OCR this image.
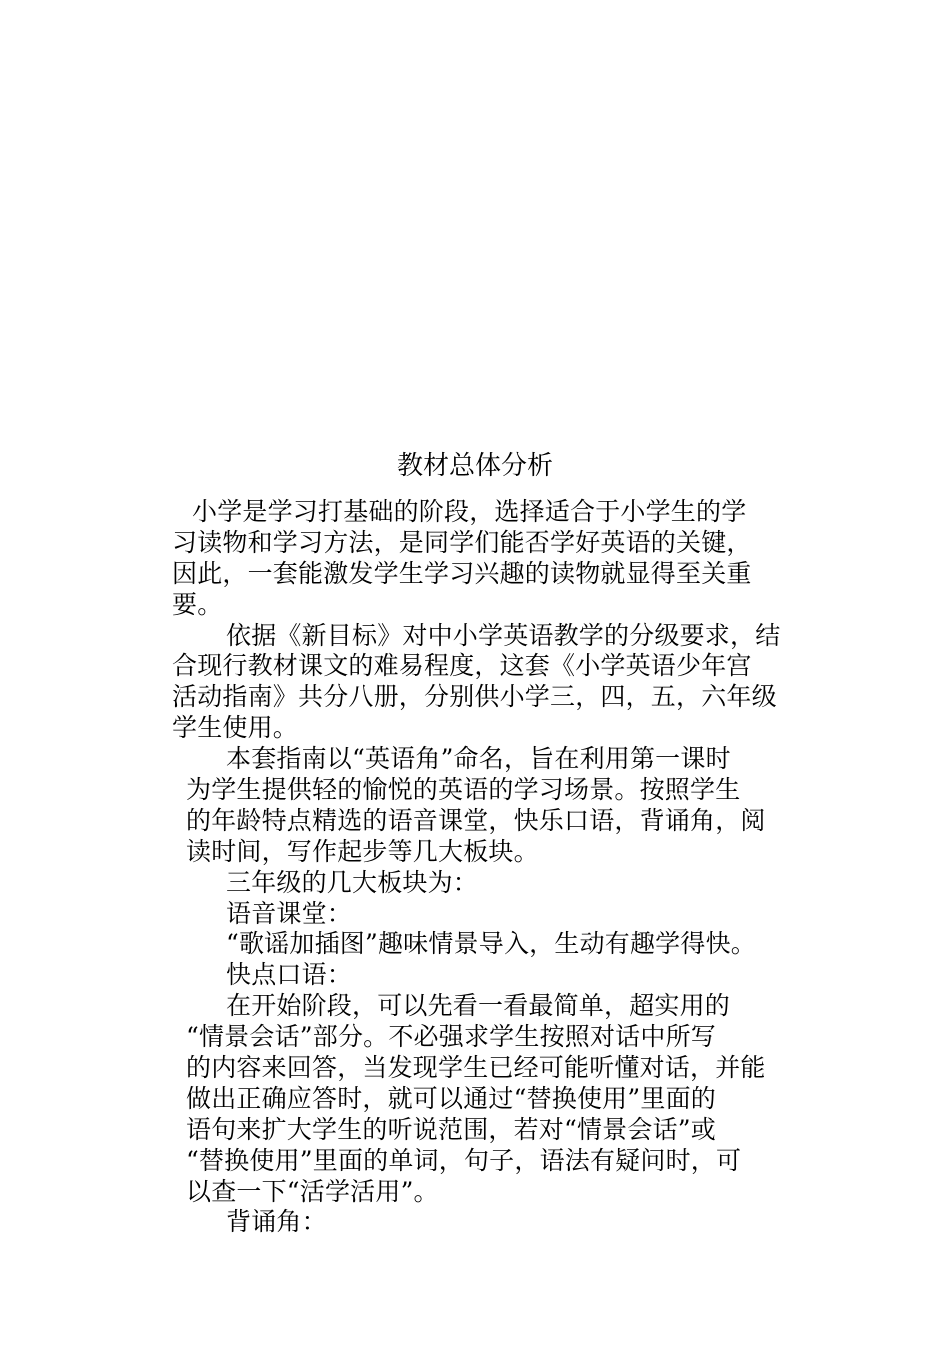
教材总体分析
小学是学习打基础的阶段，选择适合于小学生的学
习读物和学习方法，是同学们能否学好英语的关键，
因此，一套能激发学生学习兴趣的读物就显得至关重
要。
依据《新目标》对中小学英语教学的分级要求，结
合现行教材课文的难易程度，这套《小学英语少年宫
活动指南》共分八册，分别供小学三，四，五，六年级
学生使用。
本套指南以“英语角”命名，旨在利用第一课时
为学生提供轻的愉悦的英语的学习场景。按照学生
的年龄特点精选的语音课堂，快乐口语，背诵角，阅
读时间，写作起步等几大板块。
三年级的几大板块为：
语音课堂：
“歌谣加插图”趣味情景导入，生动有趣学得快。
快点口语：
在开始阶段，可以先看一看最简单，超实用的
“情景会话”部分。不必强求学生按照对话中所写
的内容来回答，当发现学生已经可能听懂对话，并能
做出正确应答时，就可以通过“替换使用”里面的
语句来扩大学生的听说范围，若对“情景会话”或
“替换使用”里面的单词，句子，语法有疑问时，可
以查一下“活学活用”。
背诵角：
